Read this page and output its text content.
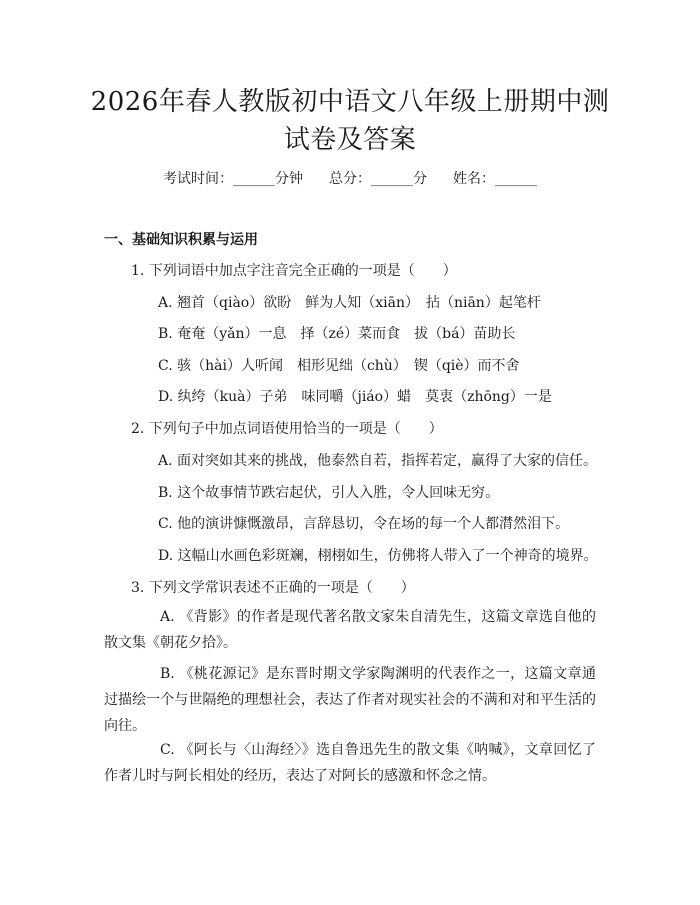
2026年春人教版初中语文八年级上册期中测试卷及答案
考试时间：______分钟 总分：______分 姓名：______
一、基础知识积累与运用
1. 下列词语中加点字注音完全正确的一项是（　　）
A. 翘首（qiào）欲盼　鲜为人知（xiān）　拈（niān）起笔杆
B. 奄奄（yǎn）一息　择（zé）菜而食　拔（bá）苗助长
C. 骇（hài）人听闻　相形见绌（chù）　锲（qiè）而不舍
D. 纨绔（kuà）子弟　味同嚼（jiáo）蜡　莫衷（zhōng）一是
2. 下列句子中加点词语使用恰当的一项是（　　）
A. 面对突如其来的挑战，他泰然自若，指挥若定，赢得了大家的信任。
B. 这个故事情节跌宕起伏，引人入胜，令人回味无穷。
C. 他的演讲慷慨激昂，言辞恳切，令在场的每一个人都潸然泪下。
D. 这幅山水画色彩斑斓，栩栩如生，仿佛将人带入了一个神奇的境界。
3. 下列文学常识表述不正确的一项是（　　）
A. 《背影》的作者是现代著名散文家朱自清先生，这篇文章选自他的散文集《朝花夕拾》。
B. 《桃花源记》是东晋时期文学家陶渊明的代表作之一，这篇文章通过描绘一个与世隔绝的理想社会，表达了作者对现实社会的不满和对和平生活的向往。
C. 《阿长与〈山海经〉》选自鲁迅先生的散文集《呐喊》，文章回忆了作者儿时与阿长相处的经历，表达了对阿长的感激和怀念之情。
